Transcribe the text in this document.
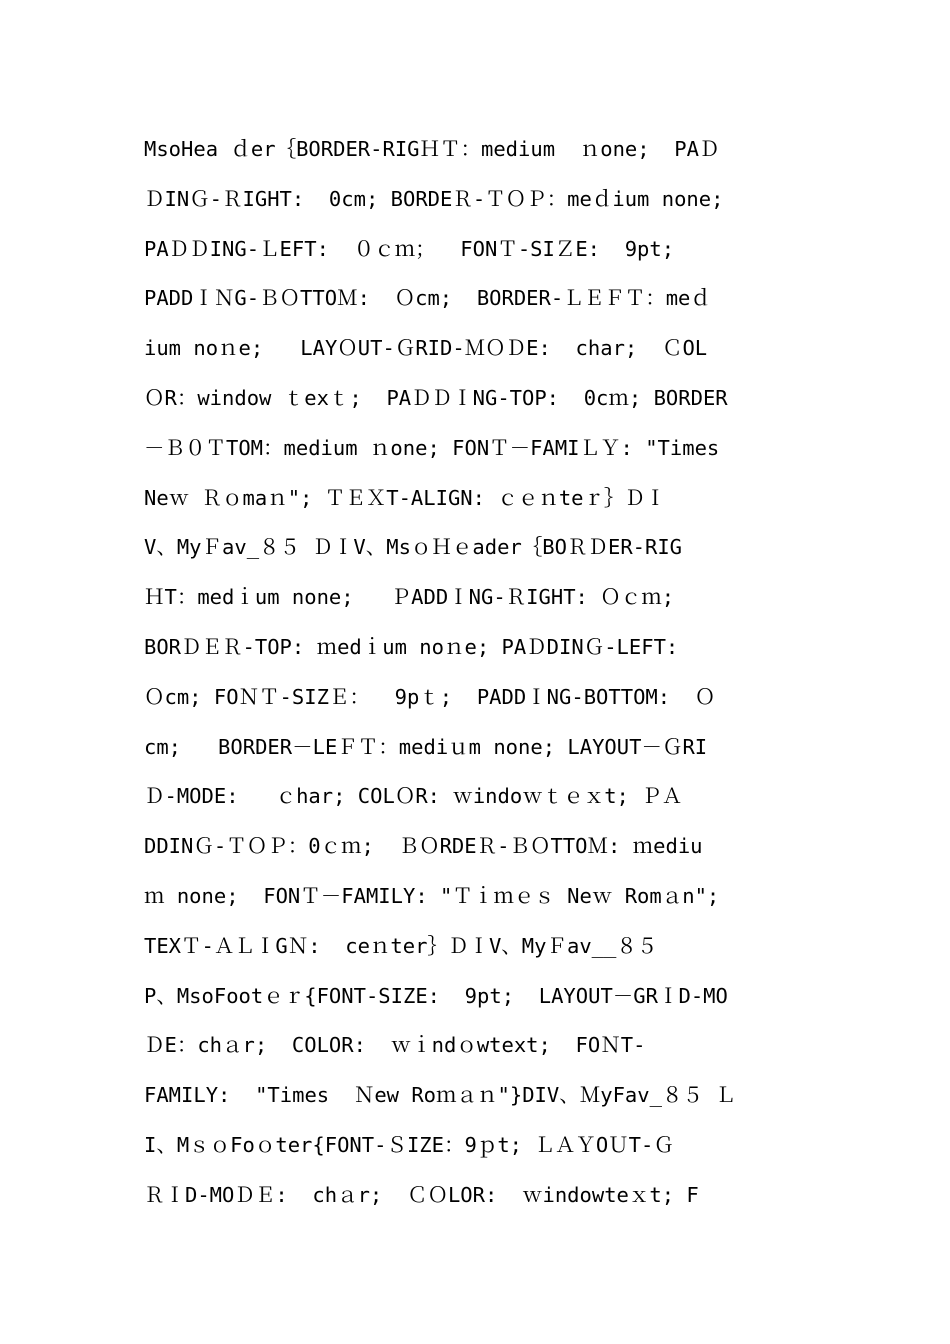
MsoHea ｄer｛BORDER-RIGＨＴ：medium  ｎone;  PAＤ
ＤINＧ-ＲIGHT:  0cm; BORDEＲ-ＴＯＰ：meｄium none;
PAＤＤING-ＬEFT:  ０ｃｍ；  FONＴ-SIＺE:  9pt;
PADDＩＮG-ＢＯTTOＭ:  Ｏcm;  BORDER-ＬＥＦＴ：meｄ
ium noｎe;   LAYＯUT-ＧRID-ＭＯＤE:  char;  ＣOL
ＯR：window ｔexｔ;  PAＤＤＩNG-TOP:  0cｍ; BORDER
－Ｂ０ＴTOM：medium ｎone; FONＴ－FAMIＬＹ: "Times
Neｗ Ｒｏmaｎ"; ＴＥＸT-ALIGN: ｃｅｎteｒ｝ＤＩ
V、MyＦav_８５ ＤＩV、MsｏＨｅader｛BOＲＤER-RIG
ＨT：medｉum none;   ＰADDＩNG-ＲIGHT: Ｏｃｍ;
BORＤＥＲ-TOP: ｍedｉum noｎe; PAＤDINＧ-LEFT:
Ｏcm; FOＮＴ-SIZＥ：  9pｔ;  PADDＩNG-BOTTOM:  Ｏ
cm;   BORDER－LEＦＴ：mediｕm none; LAYOUT－ＧRI
Ｄ-MODE:   ｃhar; COLＯR: ｗindoｗｔｅｘt; ＰＡ
DDINＧ-ＴＯＰ：0ｃｍ;  ＢＯRDEＲ-ＢＯTTOＭ: ｍediu
ｍ none;  FONＴ－FAMILY: "Ｔｉｍｅｓ Neｗ Romａn";
TEXＴ-ＡＬＩGＮ:  ceｎter｝ＤＩV、MyＦav__８５
P、MsoFootｅｒ{FONT-SIZE:  9pt;  LAYOUT－GRＩD-MO
ＤE：chａr;  COLOR:  ｗｉndｏwtext;  FOＮT-
FAMILY:  "Times  Ｎew Roｍａｎ"}DIV、ＭyFav_８５ Ｌ
I、MｓｏFoｏter{FONT-ＳIZE：9ｐt; ＬＡＹOＵT-Ｇ
ＲＩD-MOＤＥ:  chａr;  ＣＯLOR:  ｗindowteｘt; F
